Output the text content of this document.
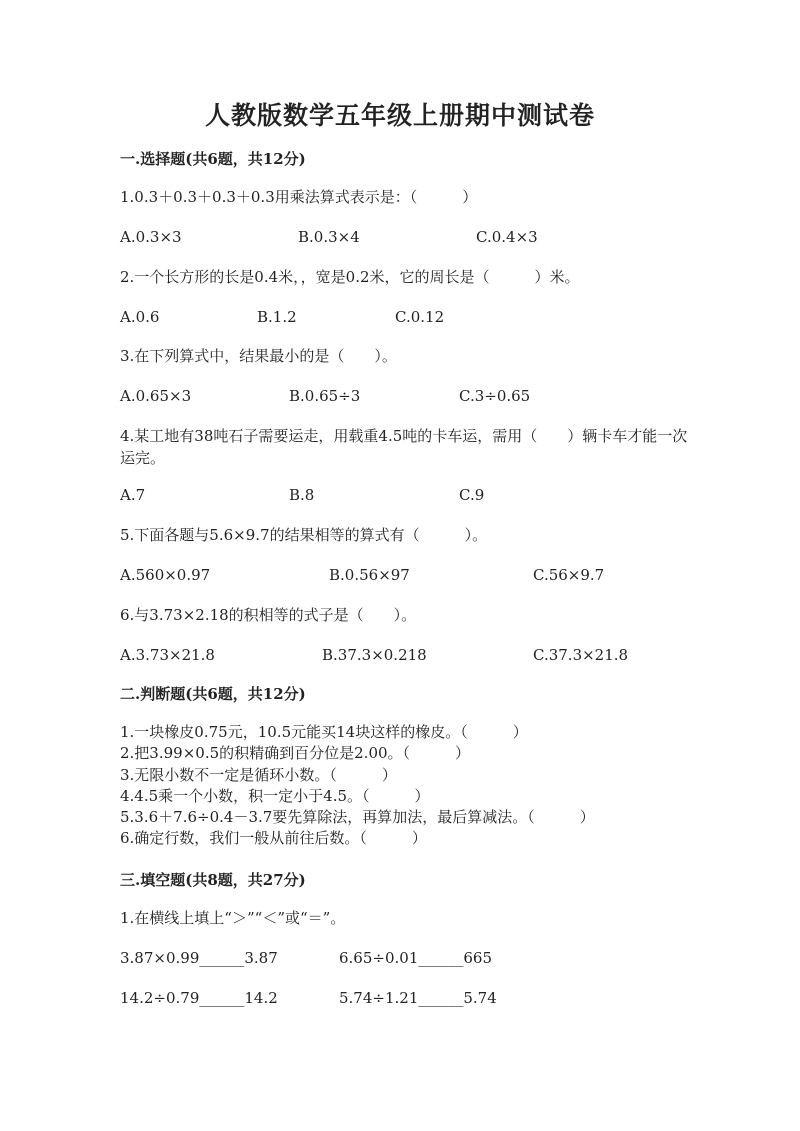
人教版数学五年级上册期中测试卷
一.选择题(共6题，共12分)
1.0.3＋0.3＋0.3＋0.3用乘法算式表示是：（　　　）
A.0.3×3	B.0.3×4	C.0.4×3
2.一个长方形的长是0.4米，，宽是0.2米，它的周长是（　　　）米。
A.0.6	B.1.2	C.0.12
3.在下列算式中，结果最小的是（　　）。
A.0.65×3	B.0.65÷3	C.3÷0.65
4.某工地有38吨石子需要运走，用载重4.5吨的卡车运，需用（　　）辆卡车才能一次运完。
A.7	B.8	C.9
5.下面各题与5.6×9.7的结果相等的算式有（　　　）。
A.560×0.97	B.0.56×97	C.56×9.7
6.与3.73×2.18的积相等的式子是（　　）。
A.3.73×21.8	B.37.3×0.218	C.37.3×21.8
二.判断题(共6题，共12分)
1.一块橡皮0.75元，10.5元能买14块这样的橡皮。（　　　）
2.把3.99×0.5的积精确到百分位是2.00。（　　　）
3.无限小数不一定是循环小数。（　　　）
4.4.5乘一个小数，积一定小于4.5。（　　　）
5.3.6＋7.6÷0.4－3.7要先算除法，再算加法，最后算减法。（　　　）
6.确定行数，我们一般从前往后数。（　　　）
三.填空题(共8题，共27分)
1.在横线上填上“＞”“＜”或“＝”。
3.87×0.99______3.87	6.65÷0.01______665
14.2÷0.79______14.2	5.74÷1.21______5.74
